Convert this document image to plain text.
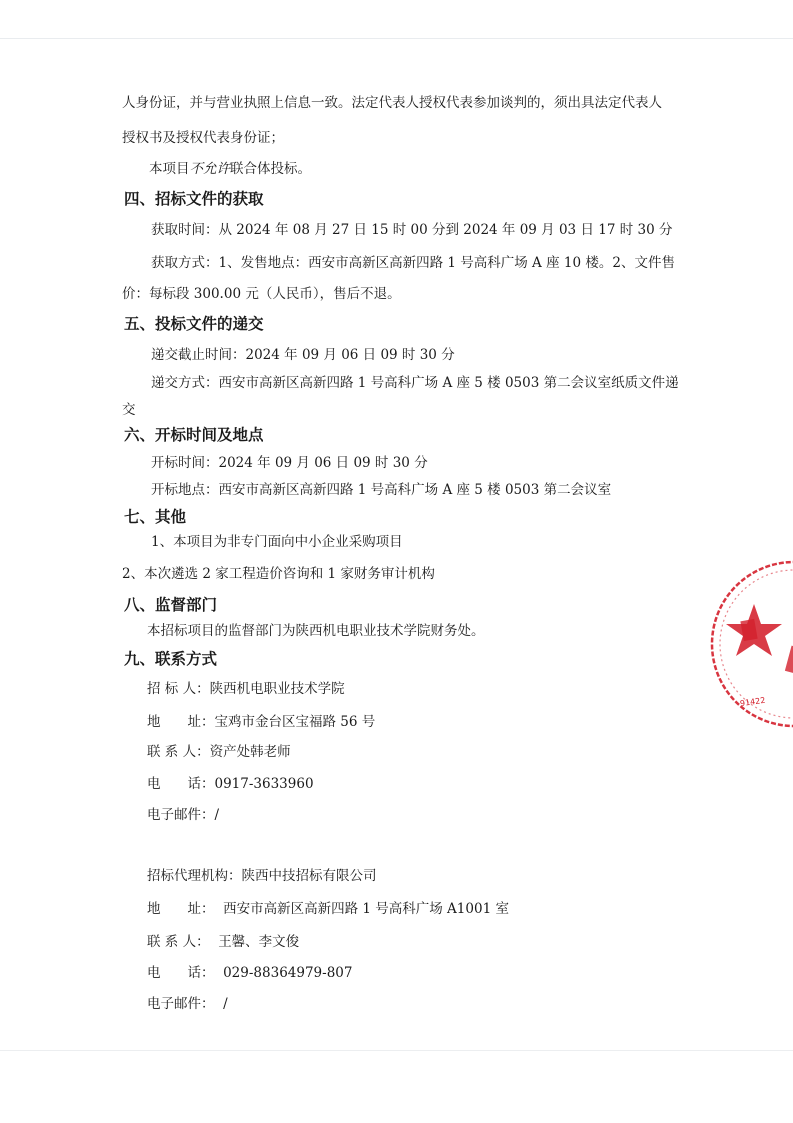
人身份证，并与营业执照上信息一致。法定代表人授权代表参加谈判的，须出具法定代表人
授权书及授权代表身份证；
本项目不允许联合体投标。
四、招标文件的获取
获取时间：从 2024 年 08 月 27 日 15 时 00 分到 2024 年 09 月 03 日 17 时 30 分
获取方式：1、发售地点：西安市高新区高新四路 1 号高科广场 A 座 10 楼。2、文件售
价：每标段 300.00 元（人民币），售后不退。
五、投标文件的递交
递交截止时间：2024 年 09 月 06 日 09 时 30 分
递交方式：西安市高新区高新四路 1 号高科广场 A 座 5 楼 0503 第二会议室纸质文件递
交
六、开标时间及地点
开标时间：2024 年 09 月 06 日 09 时 30 分
开标地点：西安市高新区高新四路 1 号高科广场 A 座 5 楼 0503 第二会议室
七、其他
1、本项目为非专门面向中小企业采购项目
2、本次遴选 2 家工程造价咨询和 1 家财务审计机构
八、监督部门
本招标项目的监督部门为陕西机电职业技术学院财务处。
九、联系方式
招 标 人：陕西机电职业技术学院
地　　址：宝鸡市金台区宝福路 56 号
联 系 人：资产处韩老师
电　　话：0917-3633960
电子邮件：/
招标代理机构：陕西中技招标有限公司
地　　址： 西安市高新区高新四路 1 号高科广场 A1001 室
联 系 人： 王馨、李文俊
电　　话： 029-88364979-807
电子邮件： /
91422
